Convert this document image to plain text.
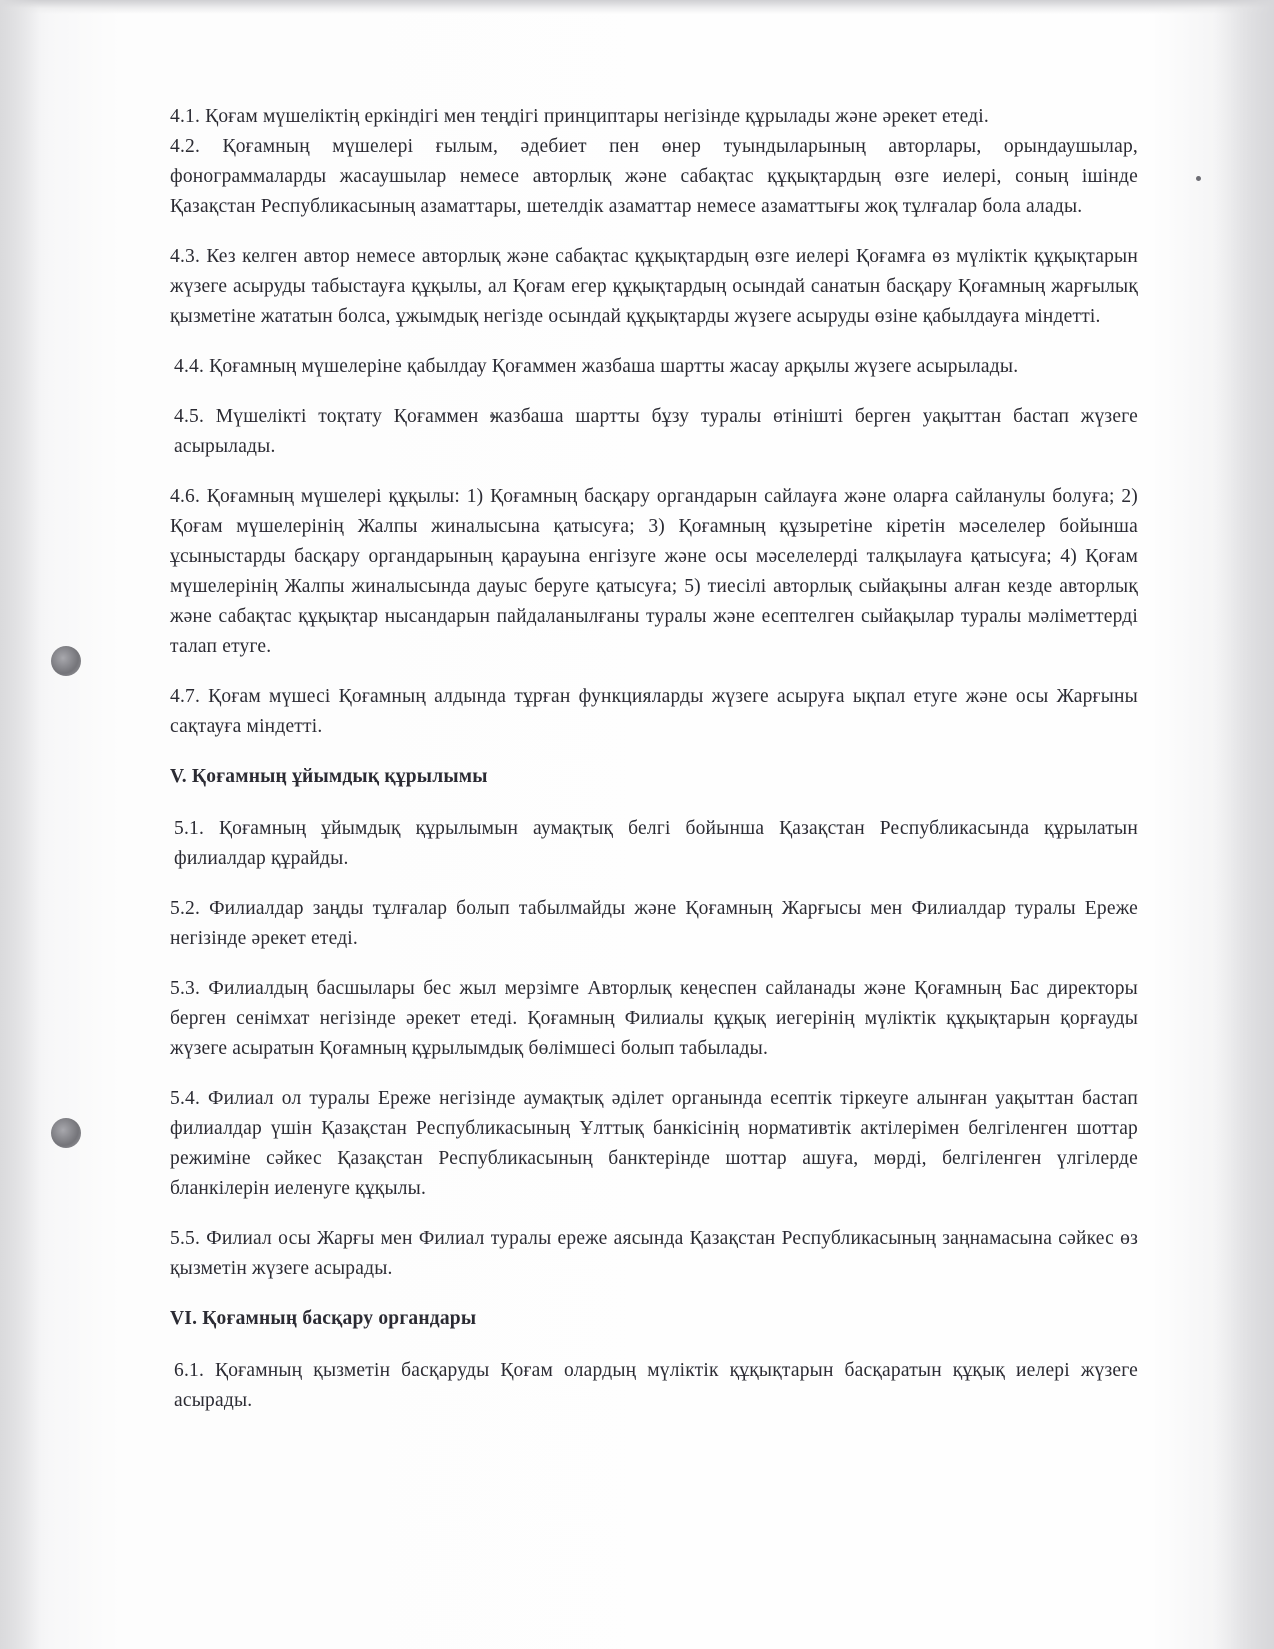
4.1. Қоғам мүшеліктің еркіндігі мен теңдігі принциптары негізінде құрылады және әрекет етеді.

4.2. Қоғамның мүшелері ғылым, әдебиет пен өнер туындыларының авторлары, орындаушылар, фонограммаларды жасаушылар немесе авторлық және сабақтас құқықтардың өзге иелері, соның ішінде Қазақстан Республикасының азаматтары, шетелдік азаматтар немесе азаматтығы жоқ тұлғалар бола алады.

4.3. Кез келген автор немесе авторлық және сабақтас құқықтардың өзге иелері Қоғамға өз мүліктік құқықтарын жүзеге асыруды табыстауға құқылы, ал Қоғам егер құқықтардың осындай санатын басқару Қоғамның жарғылық қызметіне жататын болса, ұжымдық негізде осындай құқықтарды жүзеге асыруды өзіне қабылдауға міндетті.

4.4. Қоғамның мүшелеріне қабылдау Қоғаммен жазбаша шартты жасау арқылы жүзеге асырылады.

4.5. Мүшелікті тоқтату Қоғаммен жазбаша шартты бұзу туралы өтінішті берген уақыттан бастап жүзеге асырылады.

4.6. Қоғамның мүшелері құқылы: 1) Қоғамның басқару органдарын сайлауға және оларға сайланулы болуға; 2) Қоғам мүшелерінің Жалпы жиналысына қатысуға; 3) Қоғамның құзыретіне кіретін мәселелер бойынша ұсыныстарды басқару органдарының қарауына енгізуге және осы мәселелерді талқылауға қатысуға; 4) Қоғам мүшелерінің Жалпы жиналысында дауыс беруге қатысуға; 5) тиесілі авторлық сыйақыны алған кезде авторлық және сабақтас құқықтар нысандарын пайдаланылғаны туралы және есептелген сыйақылар туралы мәліметтерді талап етуге.

4.7. Қоғам мүшесі Қоғамның алдында тұрған функцияларды жүзеге асыруға ықпал етуге және осы Жарғыны сақтауға міндетті.

V. Қоғамның ұйымдық құрылымы

5.1. Қоғамның ұйымдық құрылымын аумақтық белгі бойынша Қазақстан Республикасында құрылатын филиалдар құрайды.

5.2. Филиалдар заңды тұлғалар болып табылмайды және Қоғамның Жарғысы мен Филиалдар туралы Ереже негізінде әрекет етеді.

5.3. Филиалдың басшылары бес жыл мерзімге Авторлық кеңеспен сайланады және Қоғамның Бас директоры берген сенімхат негізінде әрекет етеді. Қоғамның Филиалы құқық иегерінің мүліктік құқықтарын қорғауды жүзеге асыратын Қоғамның құрылымдық бөлімшесі болып табылады.

5.4. Филиал ол туралы Ереже негізінде аумақтық әділет органында есептік тіркеуге алынған уақыттан бастап филиалдар үшін Қазақстан Республикасының Ұлттық банкісінің нормативтік актілерімен белгіленген шоттар режиміне сәйкес Қазақстан Республикасының банктерінде шоттар ашуға, мөрді, белгіленген үлгілерде бланкілерін иеленуге құқылы.

5.5. Филиал осы Жарғы мен Филиал туралы ереже аясында Қазақстан Республикасының заңнамасына сәйкес өз қызметін жүзеге асырады.

VI. Қоғамның басқару органдары

6.1. Қоғамның қызметін басқаруды Қоғам олардың мүліктік құқықтарын басқаратын құқық иелері жүзеге асырады.
